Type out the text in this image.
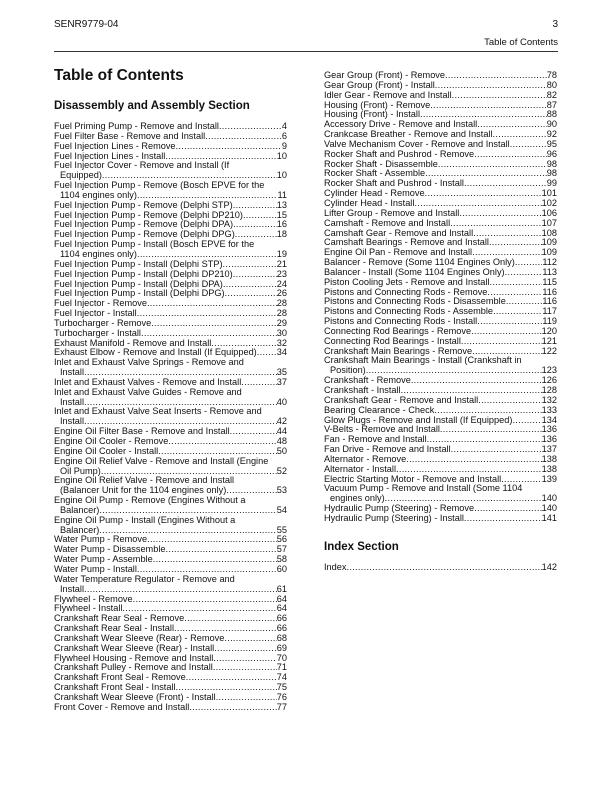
SENR9779-04	3
Table of Contents
Table of Contents
Disassembly and Assembly Section
Fuel Priming Pump - Remove and Install .....	4
Fuel Filter Base - Remove and Install .....	6
Fuel Injection Lines - Remove .....	9
Fuel Injection Lines - Install .....	10
Fuel Injector Cover - Remove and Install (If
Equipped) .....	10
Fuel Injection Pump - Remove (Bosch EPVE for the
1104 engines only) .....	11
Fuel Injection Pump - Remove (Delphi STP) .....	13
Fuel Injection Pump - Remove (Delphi DP210) .....	15
Fuel Injection Pump - Remove (Delphi DPA) .....	16
Fuel Injection Pump - Remove (Delphi DPG) .....	18
Fuel Injection Pump - Install (Bosch EPVE for the
1104 engines only) .....	19
Fuel Injection Pump - Install (Delphi STP) .....	21
Fuel Injection Pump - Install (Delphi DP210) .....	23
Fuel Injection Pump - Install (Delphi DPA) .....	24
Fuel Injection Pump - Install (Delphi DPG) .....	26
Fuel Injector - Remove .....	28
Fuel Injector - Install .....	28
Turbocharger - Remove .....	29
Turbocharger - Install .....	30
Exhaust Manifold - Remove and Install .....	32
Exhaust Elbow - Remove and Install (If Equipped) ..... 34
Inlet and Exhaust Valve Springs - Remove and
Install .....	35
Inlet and Exhaust Valves - Remove and Install .....	37
Inlet and Exhaust Valve Guides - Remove and
Install .....	40
Inlet and Exhaust Valve Seat Inserts - Remove and
Install .....	42
Engine Oil Filter Base - Remove and Install .....	44
Engine Oil Cooler - Remove .....	48
Engine Oil Cooler - Install .....	50
Engine Oil Relief Valve - Remove and Install (Engine
Oil Pump) .....	52
Engine Oil Relief Valve - Remove and Install
(Balancer Unit for the 1104 engines only) .....	53
Engine Oil Pump - Remove (Engines Without a
Balancer) .....	54
Engine Oil Pump - Install (Engines Without a
Balancer) .....	55
Water Pump - Remove .....	56
Water Pump - Disassemble .....	57
Water Pump - Assemble .....	58
Water Pump - Install .....	60
Water Temperature Regulator - Remove and
Install .....	61
Flywheel - Remove .....	64
Flywheel - Install .....	64
Crankshaft Rear Seal - Remove .....	66
Crankshaft Rear Seal - Install .....	66
Crankshaft Wear Sleeve (Rear) - Remove .....	68
Crankshaft Wear Sleeve (Rear) - Install .....	69
Flywheel Housing - Remove and Install .....	70
Crankshaft Pulley - Remove and Install .....	71
Crankshaft Front Seal - Remove .....	74
Crankshaft Front Seal - Install .....	75
Crankshaft Wear Sleeve (Front) - Install .....	76
Front Cover - Remove and Install .....	77
Gear Group (Front) - Remove .....	78
Gear Group (Front) - Install .....	80
Idler Gear - Remove and Install .....	82
Housing (Front) - Remove .....	87
Housing (Front) - Install .....	88
Accessory Drive - Remove and Install .....	90
Crankcase Breather - Remove and Install .....	92
Valve Mechanism Cover - Remove and Install .....	95
Rocker Shaft and Pushrod - Remove .....	96
Rocker Shaft - Disassemble .....	98
Rocker Shaft - Assemble .....	98
Rocker Shaft and Pushrod - Install .....	99
Cylinder Head - Remove .....	101
Cylinder Head - Install .....	102
Lifter Group - Remove and Install .....	106
Camshaft - Remove and Install .....	107
Camshaft Gear - Remove and Install .....	108
Camshaft Bearings - Remove and Install .....	109
Engine Oil Pan - Remove and Install .....	109
Balancer - Remove (Some 1104 Engines Only) .....	112
Balancer - Install (Some 1104 Engines Only) .....	113
Piston Cooling Jets - Remove and Install .....	115
Pistons and Connecting Rods - Remove .....	116
Pistons and Connecting Rods - Disassemble .....	116
Pistons and Connecting Rods - Assemble .....	117
Pistons and Connecting Rods - Install .....	119
Connecting Rod Bearings - Remove .....	120
Connecting Rod Bearings - Install .....	121
Crankshaft Main Bearings - Remove .....	122
Crankshaft Main Bearings - Install (Crankshaft in
Position) .....	123
Crankshaft - Remove .....	126
Crankshaft - Install .....	128
Crankshaft Gear - Remove and Install .....	132
Bearing Clearance - Check .....	133
Glow Plugs - Remove and Install (If Equipped) .....	134
V-Belts - Remove and Install .....	136
Fan - Remove and Install .....	136
Fan Drive - Remove and Install .....	137
Alternator - Remove .....	138
Alternator - Install .....	138
Electric Starting Motor - Remove and Install .....	139
Vacuum Pump - Remove and Install (Some 1104
engines only) .....	140
Hydraulic Pump (Steering) - Remove .....	140
Hydraulic Pump (Steering) - Install .....	141
Index Section
Index .....	142
